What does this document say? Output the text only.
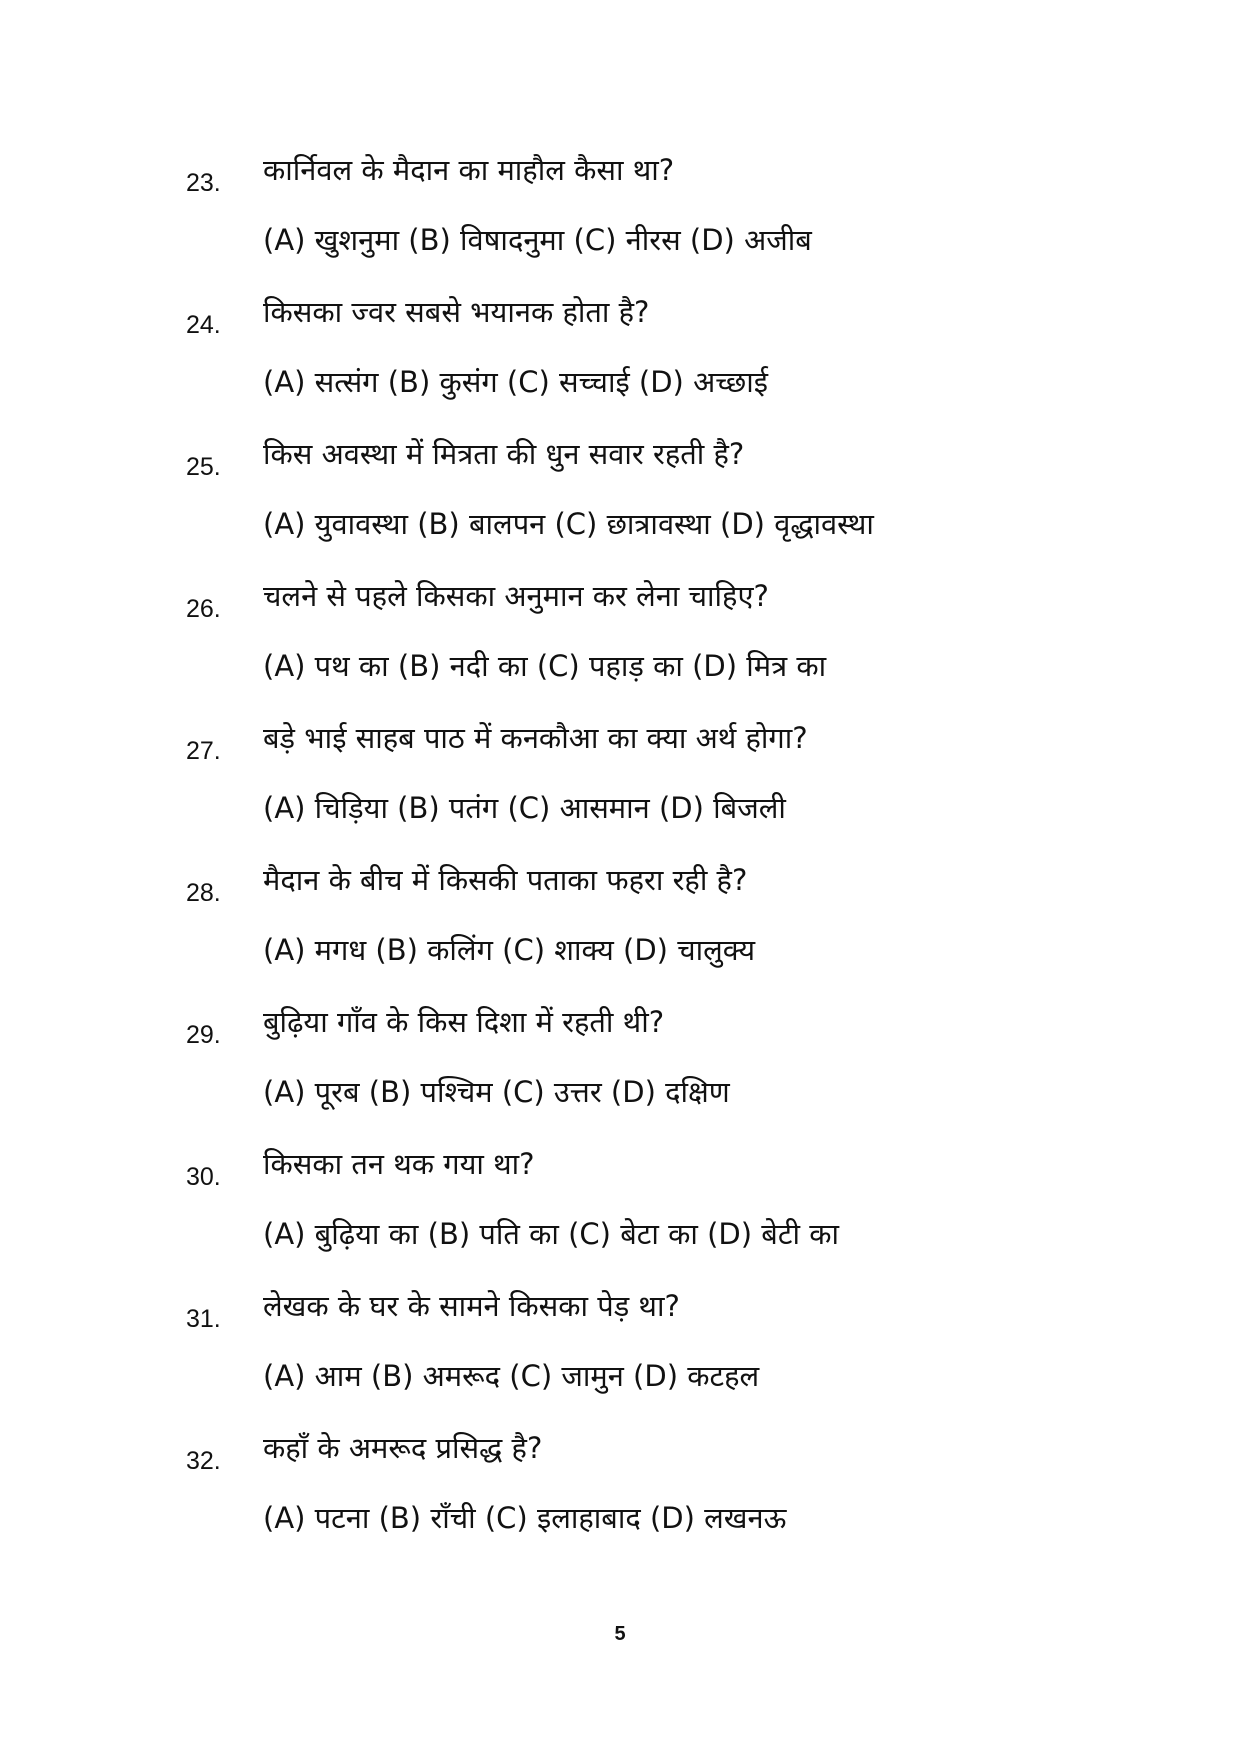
23. कार्निवल के मैदान का माहौल कैसा था?
(A) खुशनुमा (B) विषादनुमा (C) नीरस (D) अजीब
24. किसका ज्वर सबसे भयानक होता है?
(A) सत्संग (B) कुसंग (C) सच्चाई (D) अच्छाई
25. किस अवस्था में मित्रता की धुन सवार रहती है?
(A) युवावस्था (B) बालपन (C) छात्रावस्था (D) वृद्धावस्था
26. चलने से पहले किसका अनुमान कर लेना चाहिए?
(A) पथ का (B) नदी का (C) पहाड़ का (D) मित्र का
27. बड़े भाई साहब पाठ में कनकौआ का क्या अर्थ होगा?
(A) चिड़िया (B) पतंग (C) आसमान (D) बिजली
28. मैदान के बीच में किसकी पताका फहरा रही है?
(A) मगध (B) कलिंग (C) शाक्य (D) चालुक्य
29. बुढ़िया गाँव के किस दिशा में रहती थी?
(A) पूरब (B) पश्चिम (C) उत्तर (D) दक्षिण
30. किसका तन थक गया था?
(A) बुढ़िया का (B) पति का (C) बेटा का (D) बेटी का
31. लेखक के घर के सामने किसका पेड़ था?
(A) आम (B) अमरूद (C) जामुन (D) कटहल
32. कहाँ के अमरूद प्रसिद्ध है?
(A) पटना (B) राँची (C) इलाहाबाद (D) लखनऊ
5
